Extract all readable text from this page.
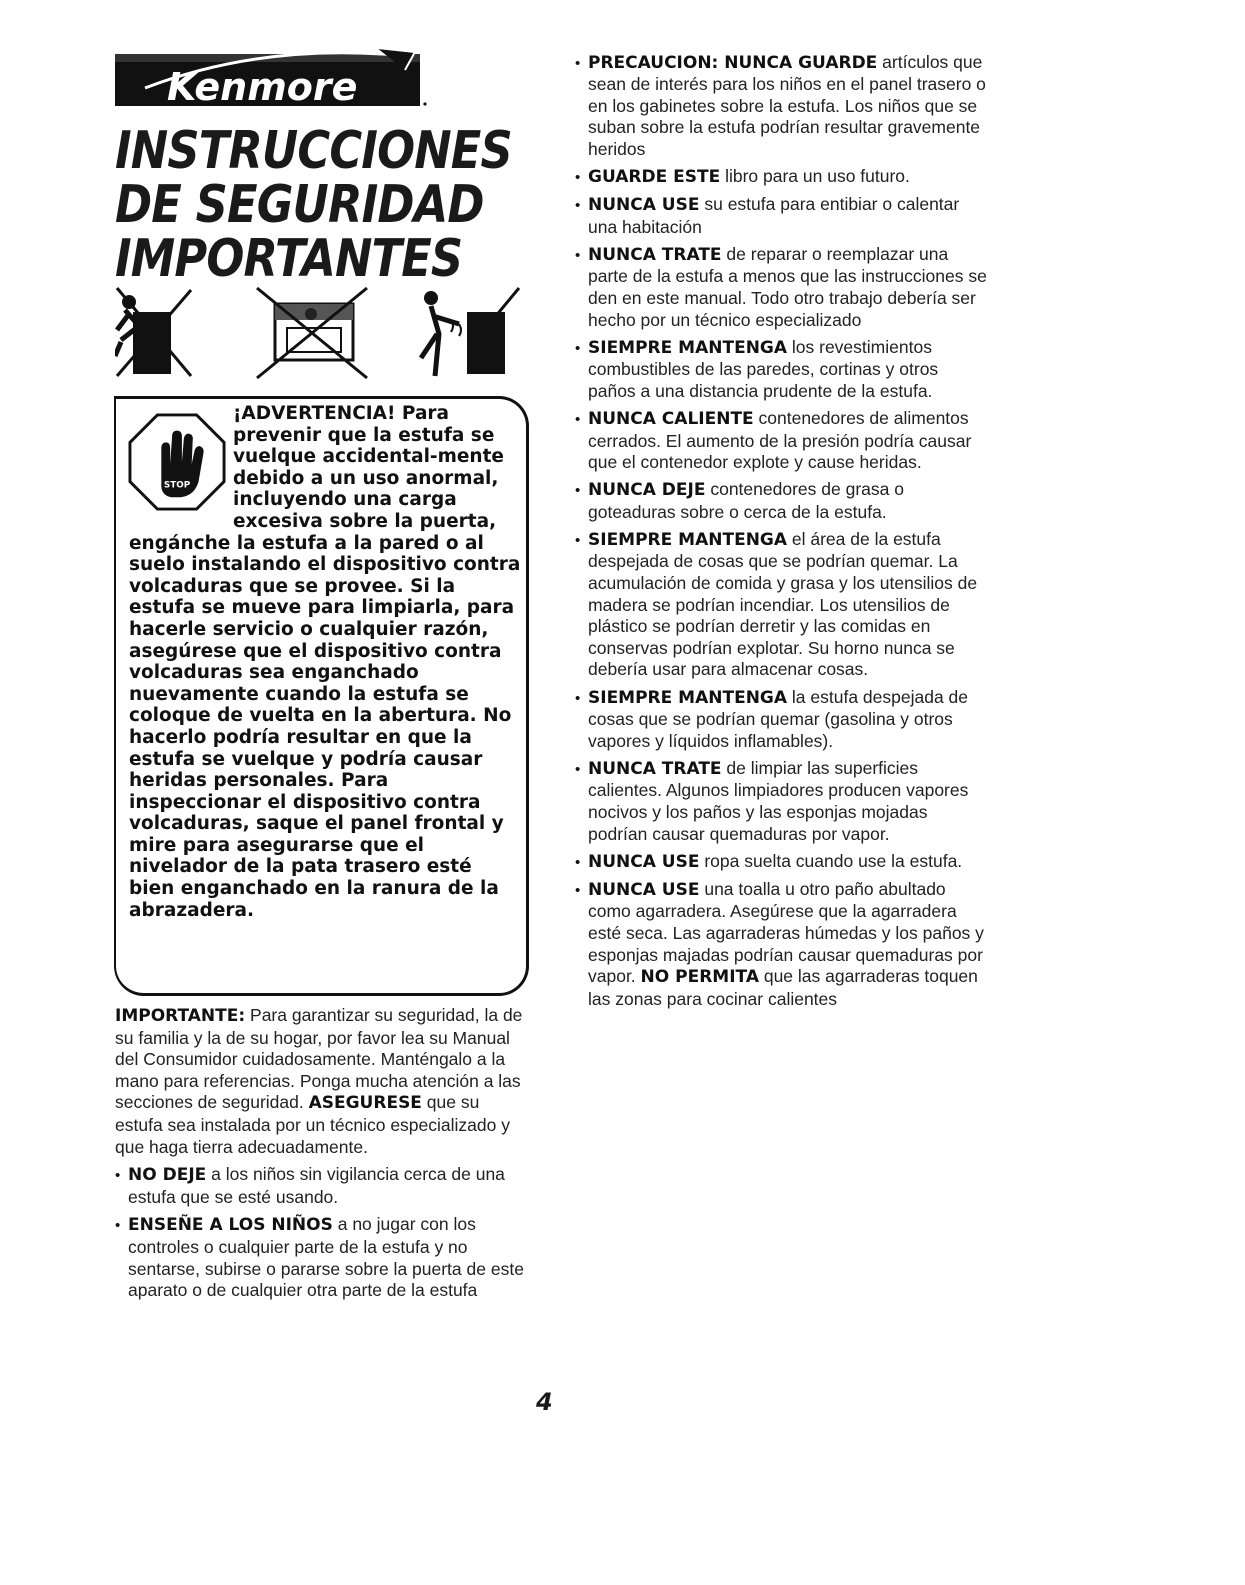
Kenmore
INSTRUCCIONES
DE SEGURIDAD
IMPORTANTES
STOP

¡ADVERTENCIA! Para prevenir que la estufa se vuelque accidental-mente debido a un uso anormal, incluyendo una carga excesiva sobre la puerta, engánche la estufa a la pared o al suelo instalando el dispositivo contra volcaduras que se provee. Si la estufa se mueve para limpiarla, para hacerle servicio o cualquier razón, asegúrese que el dispositivo contra volcaduras sea enganchado nuevamente cuando la estufa se coloque de vuelta en la abertura. No hacerlo podría resultar en que la estufa se vuelque y podría causar heridas personales. Para inspeccionar el dispositivo contra volcaduras, saque el panel frontal y mire para asegurarse que el nivelador de la pata trasero esté bien enganchado en la ranura de la abrazadera.

IMPORTANTE: Para garantizar su seguridad, la de su familia y la de su hogar, por favor lea su Manual del Consumidor cuidadosamente. Manténgalo a la mano para referencias. Ponga mucha atención a las secciones de seguridad. ASEGURESE que su estufa sea instalada por un técnico especializado y que haga tierra adecuadamente.

• NO DEJE a los niños sin vigilancia cerca de una estufa que se esté usando.
• ENSEÑE A LOS NIÑOS a no jugar con los controles o cualquier parte de la estufa y no sentarse, subirse o pararse sobre la puerta de este aparato o de cualquier otra parte de la estufa
• PRECAUCION: NUNCA GUARDE artículos que sean de interés para los niños en el panel trasero o en los gabinetes sobre la estufa. Los niños que se suban sobre la estufa podrían resultar gravemente heridos
• GUARDE ESTE libro para un uso futuro.
• NUNCA USE su estufa para entibiar o calentar una habitación
• NUNCA TRATE de reparar o reemplazar una parte de la estufa a menos que las instrucciones se den en este manual. Todo otro trabajo debería ser hecho por un técnico especializado
• SIEMPRE MANTENGA los revestimientos combustibles de las paredes, cortinas y otros paños a una distancia prudente de la estufa.
• NUNCA CALIENTE contenedores de alimentos cerrados. El aumento de la presión podría causar que el contenedor explote y cause heridas.
• NUNCA DEJE contenedores de grasa o goteaduras sobre o cerca de la estufa.
• SIEMPRE MANTENGA el área de la estufa despejada de cosas que se podrían quemar. La acumulación de comida y grasa y los utensilios de madera se podrían incendiar. Los utensilios de plástico se podrían derretir y las comidas en conservas podrían explotar. Su horno nunca se debería usar para almacenar cosas.
• SIEMPRE MANTENGA la estufa despejada de cosas que se podrían quemar (gasolina y otros vapores y líquidos inflamables).
• NUNCA TRATE de limpiar las superficies calientes. Algunos limpiadores producen vapores nocivos y los paños y las esponjas mojadas podrían causar quemaduras por vapor.
• NUNCA USE ropa suelta cuando use la estufa.
• NUNCA USE una toalla u otro paño abultado como agarradera. Asegúrese que la agarradera esté seca. Las agarraderas húmedas y los paños y esponjas majadas podrían causar quemaduras por vapor. NO PERMITA que las agarraderas toquen las zonas para cocinar calientes
4
